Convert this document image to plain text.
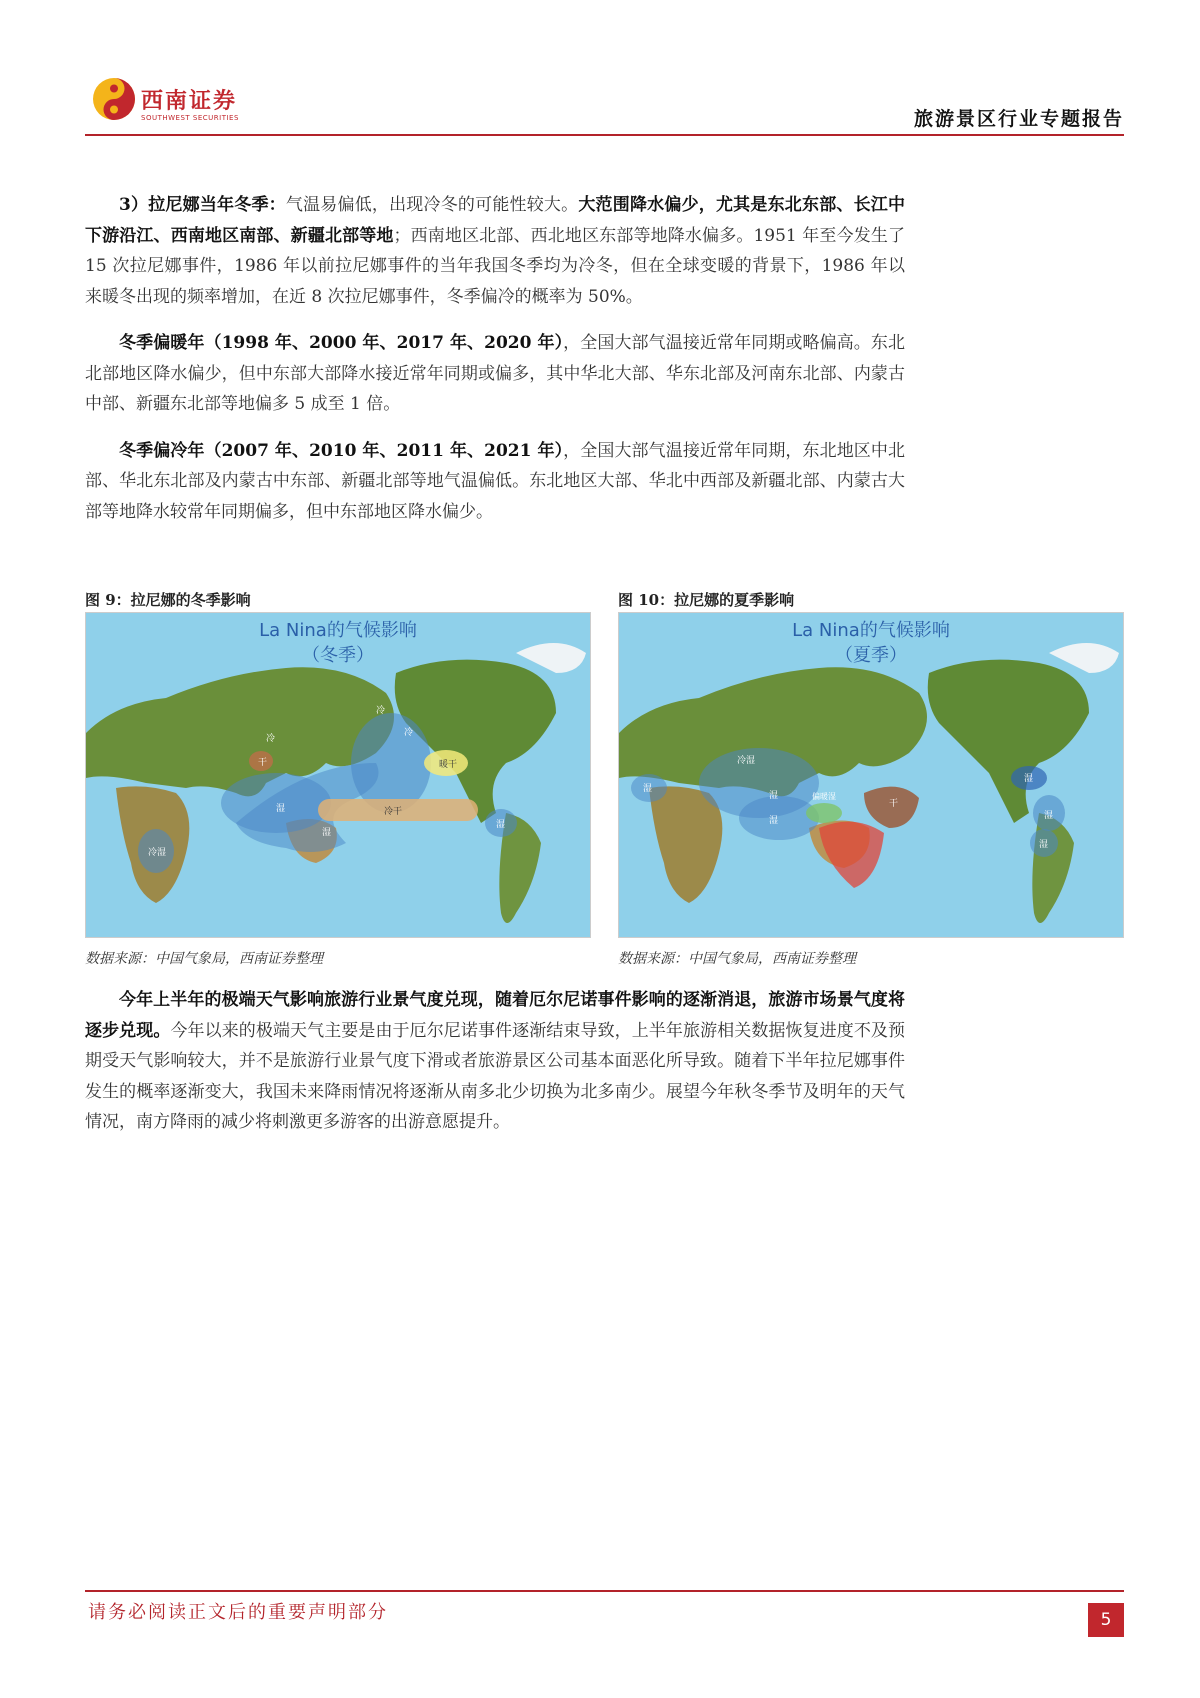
西南证券
SOUTHWEST SECURITIES	旅游景区行业专题报告

3）拉尼娜当年冬季：气温易偏低，出现冷冬的可能性较大。大范围降水偏少，尤其是东北东部、长江中下游沿江、西南地区南部、新疆北部等地；西南地区北部、西北地区东部等地降水偏多。1951 年至今发生了 15 次拉尼娜事件，1986 年以前拉尼娜事件的当年我国冬季均为冷冬，但在全球变暖的背景下，1986 年以来暖冬出现的频率增加，在近 8 次拉尼娜事件，冬季偏冷的概率为 50%。

冬季偏暖年（1998 年、2000 年、2017 年、2020 年），全国大部气温接近常年同期或略偏高。东北北部地区降水偏少，但中东部大部降水接近常年同期或偏多，其中华北大部、华东北部及河南东北部、内蒙古中部、新疆东北部等地偏多 5 成至 1 倍。

冬季偏冷年（2007 年、2010 年、2011 年、2021 年），全国大部气温接近常年同期，东北地区中北部、华北东北部及内蒙古中东部、新疆北部等地气温偏低。东北地区大部、华北中西部及新疆北部、内蒙古大部等地降水较常年同期偏多，但中东部地区降水偏少。

图 9：拉尼娜的冬季影响
冷
冷
冷
干
湿
暖干
冷干
湿
冷湿
湿
La Nina的气候影响
（冬季）
数据来源：中国气象局，西南证券整理
图 10：拉尼娜的夏季影响
冷湿
湿
湿
湿
偏暖湿
干
湿
湿
湿
La Nina的气候影响
（夏季）
数据来源：中国气象局，西南证券整理

今年上半年的极端天气影响旅游行业景气度兑现，随着厄尔尼诺事件影响的逐渐消退，旅游市场景气度将逐步兑现。今年以来的极端天气主要是由于厄尔尼诺事件逐渐结束导致，上半年旅游相关数据恢复进度不及预期受天气影响较大，并不是旅游行业景气度下滑或者旅游景区公司基本面恶化所导致。随着下半年拉尼娜事件发生的概率逐渐变大，我国未来降雨情况将逐渐从南多北少切换为北多南少。展望今年秋冬季节及明年的天气情况，南方降雨的减少将刺激更多游客的出游意愿提升。

请务必阅读正文后的重要声明部分	5
